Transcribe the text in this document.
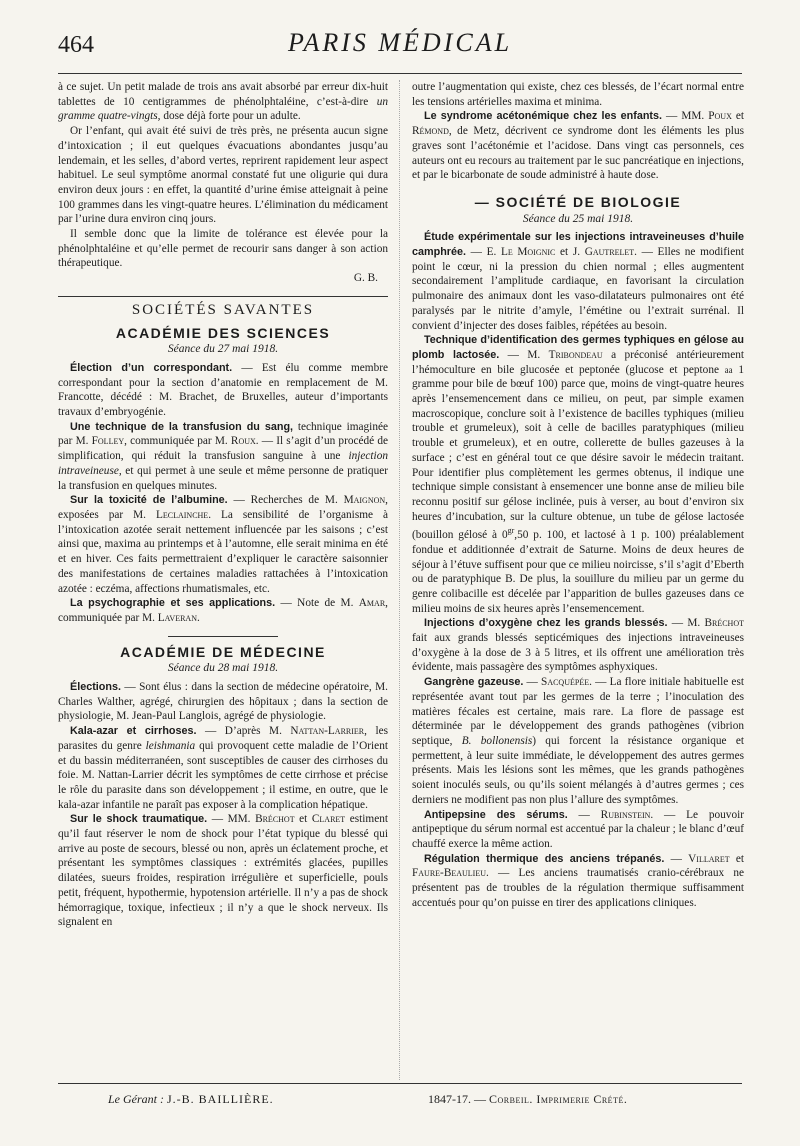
464	PARIS MÉDICAL

à ce sujet. Un petit malade de trois ans avait absorbé par erreur dix-huit tablettes de 10 centigrammes de phénolphtaléine, c’est-à-dire un gramme quatre-vingts, dose déjà forte pour un adulte.

Or l’enfant, qui avait été suivi de très près, ne présenta aucun signe d’intoxication ; il eut quelques évacuations abondantes jusqu’au lendemain, et les selles, d’abord vertes, reprirent rapidement leur aspect habituel. Le seul symptôme anormal constaté fut une oligurie qui dura environ deux jours : en effet, la quantité d’urine émise atteignait à peine 100 grammes dans les vingt-quatre heures. L’élimination du médicament par l’urine dura environ cinq jours.

Il semble donc que la limite de tolérance est élevée pour la phénolphtaléine et qu’elle permet de recourir sans danger à son action thérapeutique.

G. B.
SOCIÉTÉS SAVANTES
ACADÉMIE DES SCIENCES
Séance du 27 mai 1918.

Élection d’un correspondant. — Est élu comme membre correspondant pour la section d’anatomie en remplacement de M. Francotte, décédé : M. Brachet, de Bruxelles, auteur d’importants travaux d’embryogénie.

Une technique de la transfusion du sang, technique imaginée par M. Folley, communiquée par M. Roux. — Il s’agit d’un procédé de simplification, qui réduit la transfusion sanguine à une injection intraveineuse, et qui permet à une seule et même personne de pratiquer la transfusion en quelques minutes.

Sur la toxicité de l’albumine. — Recherches de M. Maignon, exposées par M. Leclainche. La sensibilité de l’organisme à l’intoxication azotée serait nettement influencée par les saisons ; c’est ainsi que, maxima au printemps et à l’automne, elle serait minima en été et en hiver. Ces faits permettraient d’expliquer le caractère saisonnier des manifestations de certaines maladies rattachées à l’intoxication azotée : eczéma, affections rhumatismales, etc.

La psychographie et ses applications. — Note de M. Amar, communiquée par M. Laveran.

ACADÉMIE DE MÉDECINE
Séance du 28 mai 1918.

Élections. — Sont élus : dans la section de médecine opératoire, M. Charles Walther, agrégé, chirurgien des hôpitaux ; dans la section de physiologie, M. Jean-Paul Langlois, agrégé de physiologie.

Kala-azar et cirrhoses. — D’après M. Nattan-Larrier, les parasites du genre leishmania qui provoquent cette maladie de l’Orient et du bassin méditerranéen, sont susceptibles de causer des cirrhoses du foie. M. Nattan-Larrier décrit les symptômes de cette cirrhose et précise le rôle du parasite dans son développement ; il estime, en outre, que le kala-azar infantile ne paraît pas exposer à la complication hépatique.

Sur le shock traumatique. — MM. Bréchot et Claret estiment qu’il faut réserver le nom de shock pour l’état typique du blessé qui arrive au poste de secours, blessé ou non, après un éclatement proche, et présentant les symptômes classiques : extrémités glacées, pupilles dilatées, sueurs froides, respiration irrégulière et superficielle, pouls petit, fréquent, hypothermie, hypotension artérielle. Il n’y a pas de shock hémorragique, toxique, infectieux ; il n’y a que le shock nerveux. Ils signalent en

outre l’augmentation qui existe, chez ces blessés, de l’écart normal entre les tensions artérielles maxima et minima.

Le syndrome acétonémique chez les enfants. — MM. Poux et Rémond, de Metz, décrivent ce syndrome dont les éléments les plus graves sont l’acétonémie et l’acidose. Dans vingt cas personnels, ces auteurs ont eu recours au traitement par le suc pancréatique en injections, et par le bicarbonate de soude administré à haute dose.

— SOCIÉTÉ DE BIOLOGIE
Séance du 25 mai 1918.

Étude expérimentale sur les injections intraveineuses d’huile camphrée. — E. Le Moignic et J. Gautrelet. — Elles ne modifient point le cœur, ni la pression du chien normal ; elles augmentent secondairement l’amplitude cardiaque, en favorisant la circulation pulmonaire des animaux dont les vaso-dilatateurs pulmonaires ont été paralysés par le nitrite d’amyle, l’émétine ou l’extrait surrénal. Il convient d’injecter des doses faibles, répétées au besoin.

Technique d’identification des germes typhiques en gélose au plomb lactosée. — M. Tribondeau a préconisé antérieurement l’hémoculture en bile glucosée et peptonée (glucose et peptone aa 1 gramme pour bile de bœuf 100) parce que, moins de vingt-quatre heures après l’ensemencement dans ce milieu, on peut, par simple examen macroscopique, conclure soit à l’existence de bacilles typhiques (milieu trouble et grumeleux), soit à celle de bacilles paratyphiques (milieu trouble et grumeleux), et en outre, collerette de bulles gazeuses à la surface ; c’est en général tout ce que désire savoir le médecin traitant. Pour identifier plus complètement les germes obtenus, il indique une technique simple consistant à ensemencer une bonne anse de milieu bile reconnu positif sur gélose inclinée, puis à verser, au bout d’environ six heures d’incubation, sur la culture obtenue, un tube de gélose lactosée (bouillon gélosé à $0^{gr},50$ p. 100, et lactosé à 1 p. 100) préalablement fondue et additionnée d’extrait de Saturne. Moins de deux heures de séjour à l’étuve suffisent pour que ce milieu noircisse, s’il s’agit d’Eberth ou de paratyphique B. De plus, la souillure du milieu par un germe du genre colibacille est décelée par l’apparition de bulles gazeuses dans ce milieu moins de six heures après l’ensemencement.

Injections d’oxygène chez les grands blessés. — M. Bréchot fait aux grands blessés septicémiques des injections intraveineuses d’oxygène à la dose de 3 à 5 litres, et ils offrent une amélioration très évidente, mais passagère des symptômes asphyxiques.

Gangrène gazeuse. — Sacquépée. — La flore initiale habituelle est représentée avant tout par les germes de la terre ; l’inoculation des matières fécales est certaine, mais rare. La flore de passage est déterminée par le développement des grands pathogènes (vibrion septique, B. bollonensis) qui forcent la résistance organique et permettent, à leur suite immédiate, le développement des autres germes présents. Mais les lésions sont les mêmes, que les grands pathogènes soient inoculés seuls, ou qu’ils soient mélangés à d’autres germes ; ces derniers ne modifient pas non plus l’allure des symptômes.

Antipepsine des sérums. — Rubinstein. — Le pouvoir antipeptique du sérum normal est accentué par la chaleur ; le blanc d’œuf chauffé exerce la même action.

Régulation thermique des anciens trépanés. — Villaret et Faure-Beaulieu. — Les anciens traumatisés cranio-cérébraux ne présentent pas de troubles de la régulation thermique suffisamment accentués pour qu’on puisse en tirer des applications cliniques.

Le Gérant : J.-B. BAILLIÈRE.	1847-17. — Corbeil. Imprimerie Crété.
